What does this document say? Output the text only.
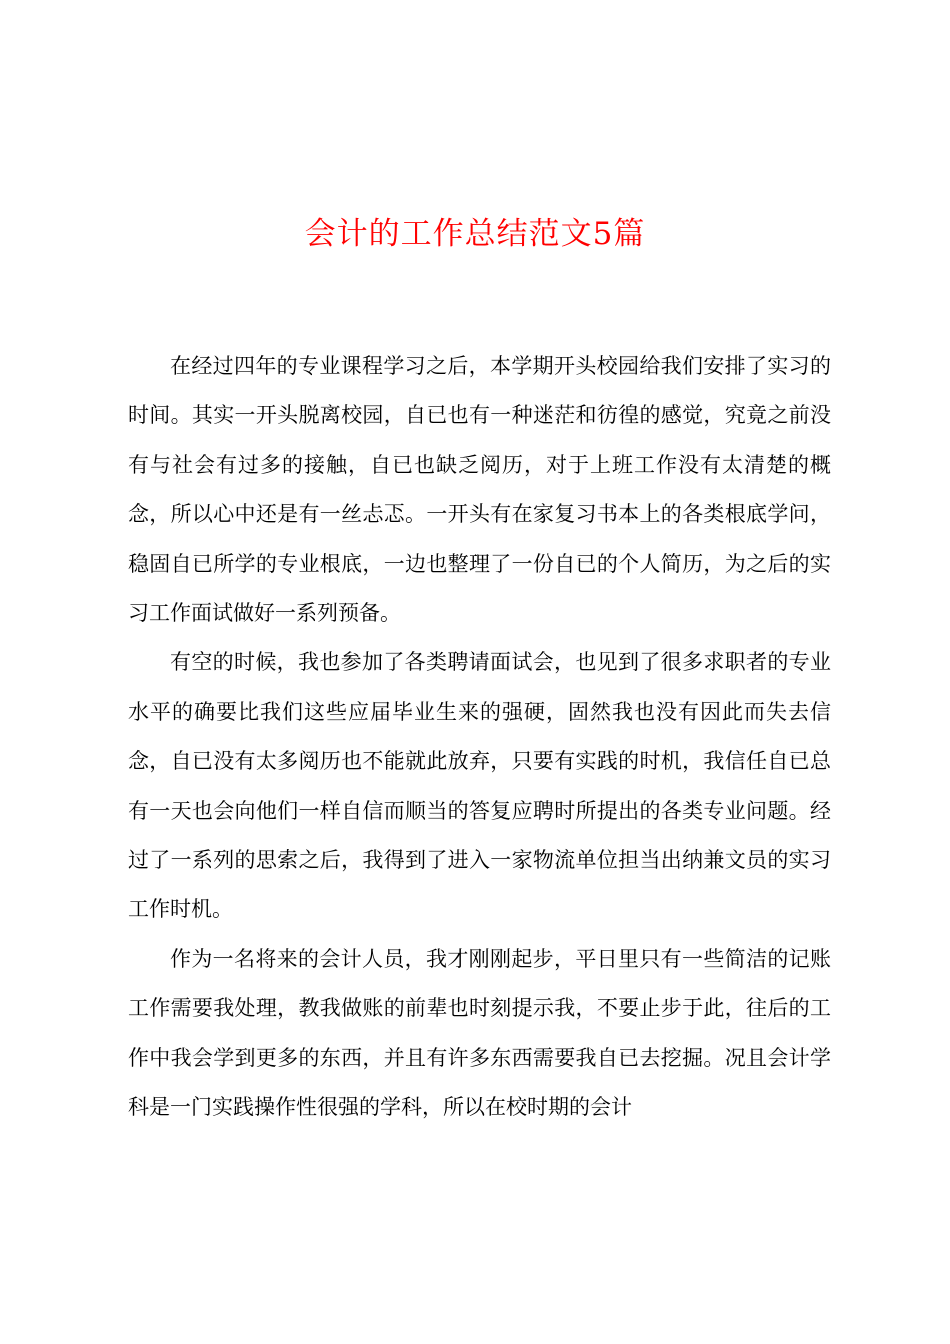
会计的工作总结范文5篇

在经过四年的专业课程学习之后，本学期开头校园给我们安排了实习的时间。其实一开头脱离校园，自已也有一种迷茫和彷徨的感觉，究竟之前没有与社会有过多的接触，自已也缺乏阅历，对于上班工作没有太清楚的概念，所以心中还是有一丝忐忑。一开头有在家复习书本上的各类根底学问，稳固自已所学的专业根底，一边也整理了一份自已的个人简历，为之后的实习工作面试做好一系列预备。

有空的时候，我也参加了各类聘请面试会，也见到了很多求职者的专业水平的确要比我们这些应届毕业生来的强硬，固然我也没有因此而失去信念，自已没有太多阅历也不能就此放弃，只要有实践的时机，我信任自已总有一天也会向他们一样自信而顺当的答复应聘时所提出的各类专业问题。经过了一系列的思索之后，我得到了进入一家物流单位担当出纳兼文员的实习工作时机。

作为一名将来的会计人员，我才刚刚起步，平日里只有一些简洁的记账工作需要我处理，教我做账的前辈也时刻提示我，不要止步于此，往后的工作中我会学到更多的东西，并且有许多东西需要我自已去挖掘。况且会计学科是一门实践操作性很强的学科，所以在校时期的会计
